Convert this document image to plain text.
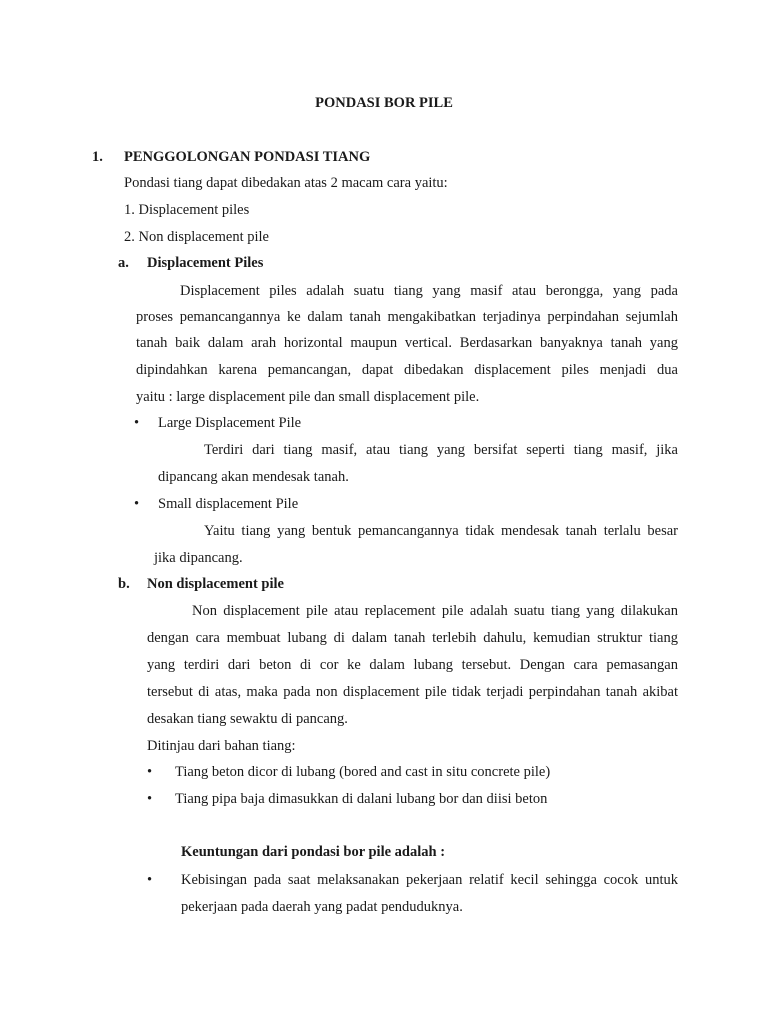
PONDASI BOR PILE
1. PENGGOLONGAN PONDASI TIANG
Pondasi tiang dapat dibedakan atas 2 macam cara yaitu:
1. Displacement piles
2. Non displacement pile
a. Displacement Piles
Displacement piles adalah suatu tiang yang masif atau berongga, yang pada
proses pemancangannya ke dalam tanah mengakibatkan terjadinya perpindahan sejumlah
tanah baik dalam arah horizontal maupun vertical. Berdasarkan banyaknya tanah yang
dipindahkan karena pemancangan, dapat dibedakan displacement piles menjadi dua
yaitu : large displacement pile dan small displacement pile.
• Large Displacement Pile
Terdiri dari tiang masif, atau tiang yang bersifat seperti tiang masif, jika
dipancang akan mendesak tanah.
• Small displacement Pile
Yaitu tiang yang bentuk pemancangannya tidak mendesak tanah terlalu besar
jika dipancang.
b. Non displacement pile
Non displacement pile atau replacement pile adalah suatu tiang yang dilakukan
dengan cara membuat lubang di dalam tanah terlebih dahulu, kemudian struktur tiang
yang terdiri dari beton di cor ke dalam lubang tersebut. Dengan cara pemasangan
tersebut di atas, maka pada non displacement pile tidak terjadi perpindahan tanah akibat
desakan tiang sewaktu di pancang.
Ditinjau dari bahan tiang:
• Tiang beton dicor di lubang (bored and cast in situ concrete pile)
• Tiang pipa baja dimasukkan di dalani lubang bor dan diisi beton
Keuntungan dari pondasi bor pile adalah :
• Kebisingan pada saat melaksanakan pekerjaan relatif kecil sehingga cocok untuk
pekerjaan pada daerah yang padat penduduknya.
